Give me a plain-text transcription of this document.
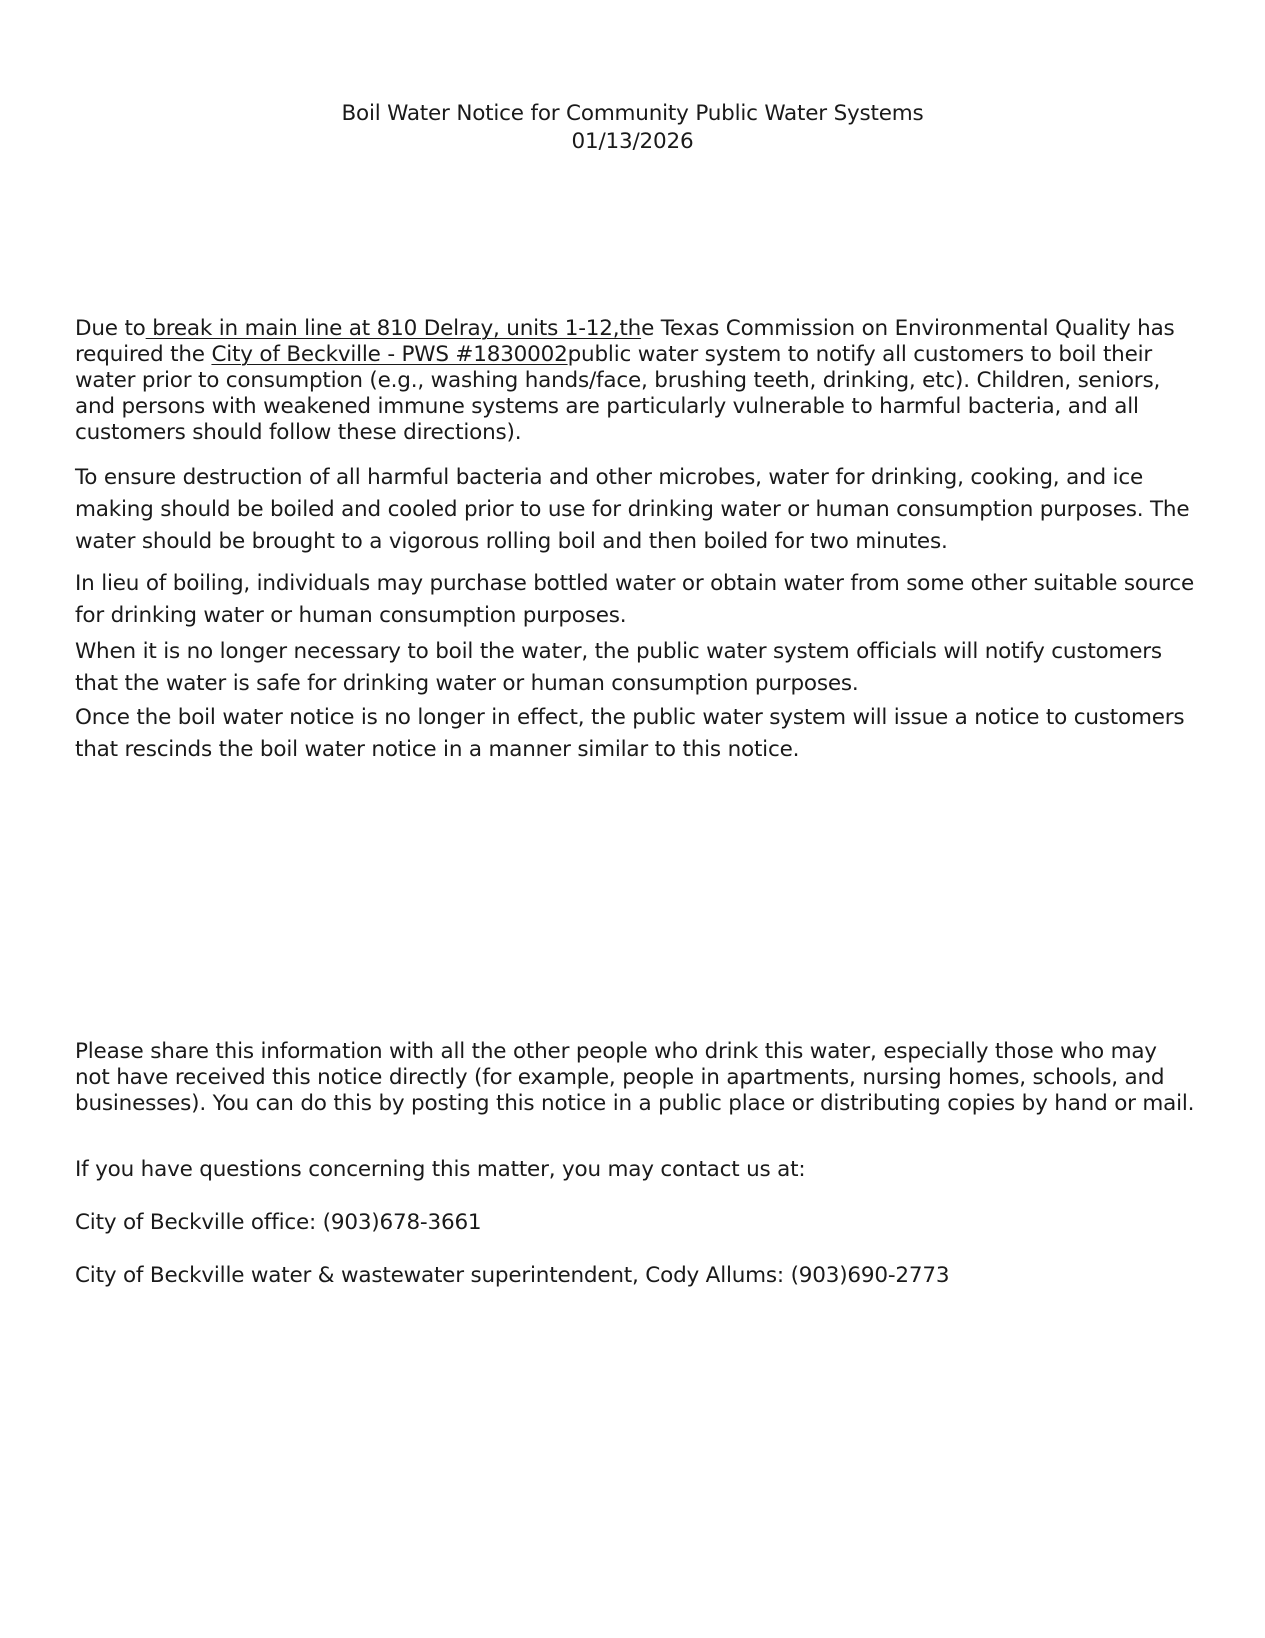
Boil Water Notice for Community Public Water Systems
01/13/2026

Due to break in main line at 810 Delray, units 1-12,the Texas Commission on Environmental Quality has required the City of Beckville - PWS #1830002public water system to notify all customers to boil their water prior to consumption (e.g., washing hands/face, brushing teeth, drinking, etc). Children, seniors, and persons with weakened immune systems are particularly vulnerable to harmful bacteria, and all customers should follow these directions).

To ensure destruction of all harmful bacteria and other microbes, water for drinking, cooking, and ice making should be boiled and cooled prior to use for drinking water or human consumption purposes. The water should be brought to a vigorous rolling boil and then boiled for two minutes.

In lieu of boiling, individuals may purchase bottled water or obtain water from some other suitable source for drinking water or human consumption purposes.

When it is no longer necessary to boil the water, the public water system officials will notify customers that the water is safe for drinking water or human consumption purposes.

Once the boil water notice is no longer in effect, the public water system will issue a notice to customers that rescinds the boil water notice in a manner similar to this notice.

Please share this information with all the other people who drink this water, especially those who may not have received this notice directly (for example, people in apartments, nursing homes, schools, and businesses). You can do this by posting this notice in a public place or distributing copies by hand or mail.

If you have questions concerning this matter, you may contact us at:

City of Beckville office: (903)678-3661

City of Beckville water & wastewater superintendent, Cody Allums: (903)690-2773
